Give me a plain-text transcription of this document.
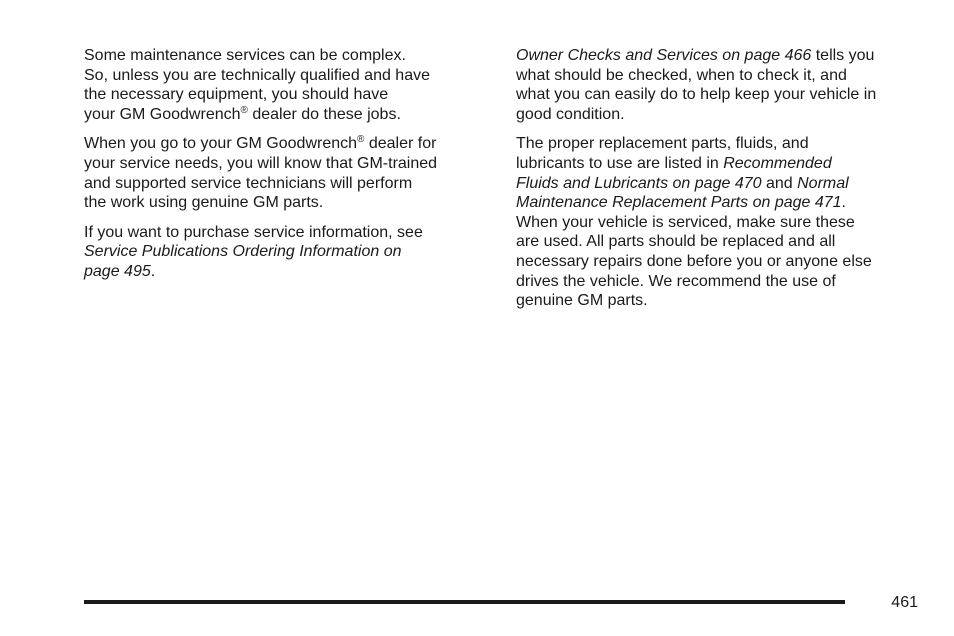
Some maintenance services can be complex.
So, unless you are technically qualified and have
the necessary equipment, you should have
your GM Goodwrench® dealer do these jobs.

When you go to your GM Goodwrench® dealer for
your service needs, you will know that GM-trained
and supported service technicians will perform
the work using genuine GM parts.

If you want to purchase service information, see
Service Publications Ordering Information on
page 495.

Owner Checks and Services on page 466 tells you
what should be checked, when to check it, and
what you can easily do to help keep your vehicle in
good condition.

The proper replacement parts, fluids, and
lubricants to use are listed in Recommended
Fluids and Lubricants on page 470 and Normal
Maintenance Replacement Parts on page 471.
When your vehicle is serviced, make sure these
are used. All parts should be replaced and all
necessary repairs done before you or anyone else
drives the vehicle. We recommend the use of
genuine GM parts.

461
